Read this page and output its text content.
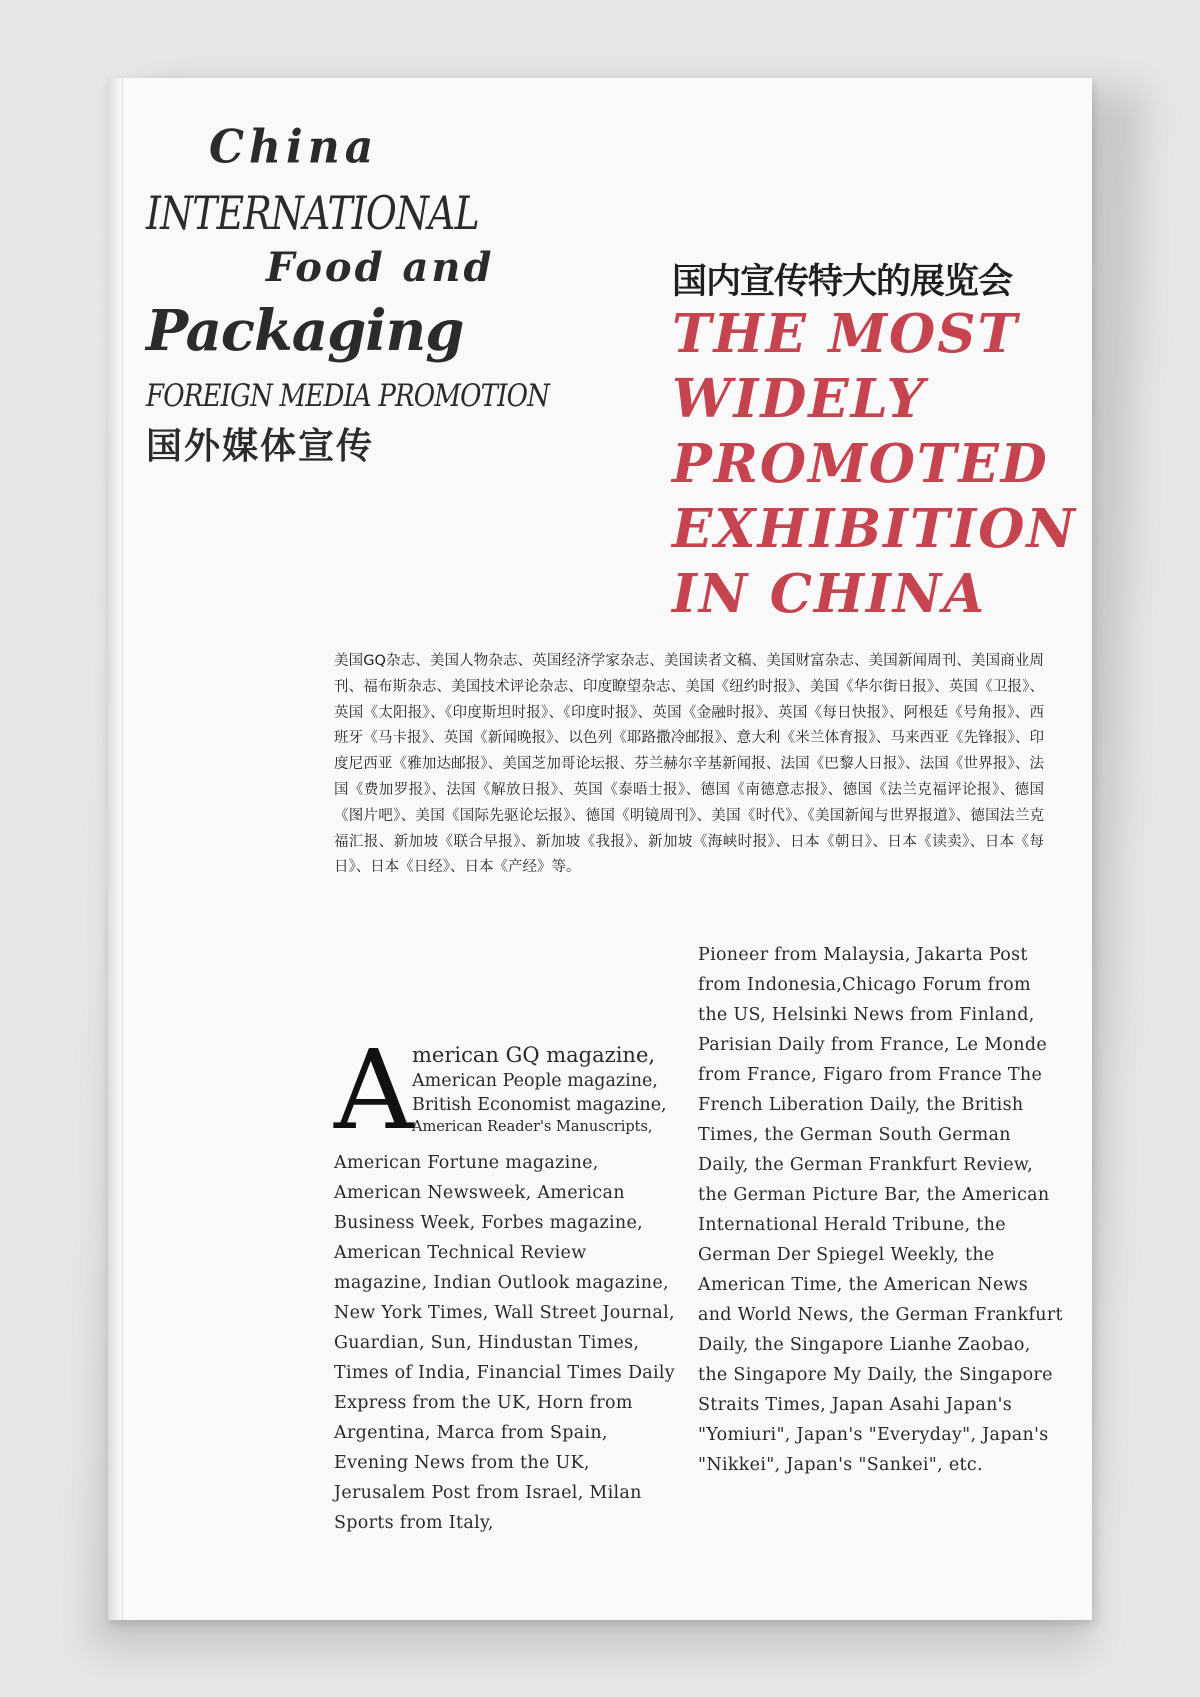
China
INTERNATIONAL
Food and
Packaging
FOREIGN MEDIA PROMOTION
国外媒体宣传
国内宣传特大的展览会
THE MOST
WIDELY
PROMOTED
EXHIBITION
IN CHINA
美国GQ杂志、美国人物杂志、英国经济学家杂志、美国读者文稿、美国财富杂志、美国新闻周刊、美国商业周刊、福布斯杂志、美国技术评论杂志、印度瞭望杂志、美国《纽约时报》、美国《华尔街日报》、英国《卫报》、英国《太阳报》、《印度斯坦时报》、《印度时报》、英国《金融时报》、英国《每日快报》、阿根廷《号角报》、西班牙《马卡报》、英国《新闻晚报》、以色列《耶路撒冷邮报》、意大利《米兰体育报》、马来西亚《先锋报》、印度尼西亚《雅加达邮报》、美国芝加哥论坛报、芬兰赫尔辛基新闻报、法国《巴黎人日报》、法国《世界报》、法国《费加罗报》、法国《解放日报》、英国《泰晤士报》、德国《南德意志报》、德国《法兰克福评论报》、德国《图片吧》、美国《国际先驱论坛报》、德国《明镜周刊》、美国《时代》、《美国新闻与世界报道》、德国法兰克福汇报、新加坡《联合早报》、新加坡《我报》、新加坡《海峡时报》、日本《朝日》、日本《读卖》、日本《每日》、日本《日经》、日本《产经》等。
A
merican GQ magazine,
American People magazine,
British Economist magazine,
American Reader's Manuscripts,
American Fortune magazine, American Newsweek, American Business Week, Forbes magazine, American Technical Review magazine, Indian Outlook magazine, New York Times, Wall Street Journal, Guardian, Sun, Hindustan Times, Times of India, Financial Times Daily Express from the UK, Horn from Argentina, Marca from Spain, Evening News from the UK, Jerusalem Post from Israel, Milan Sports from Italy,
Pioneer from Malaysia, Jakarta Post from Indonesia,Chicago Forum from the US, Helsinki News from Finland, Parisian Daily from France, Le Monde from France, Figaro from France The French Liberation Daily, the British Times, the German South German Daily, the German Frankfurt Review, the German Picture Bar, the American International Herald Tribune, the German Der Spiegel Weekly, the American Time, the American News and World News, the German Frankfurt Daily, the Singapore Lianhe Zaobao, the Singapore My Daily, the Singapore Straits Times, Japan Asahi Japan's "Yomiuri", Japan's "Everyday", Japan's "Nikkei", Japan's "Sankei", etc.
